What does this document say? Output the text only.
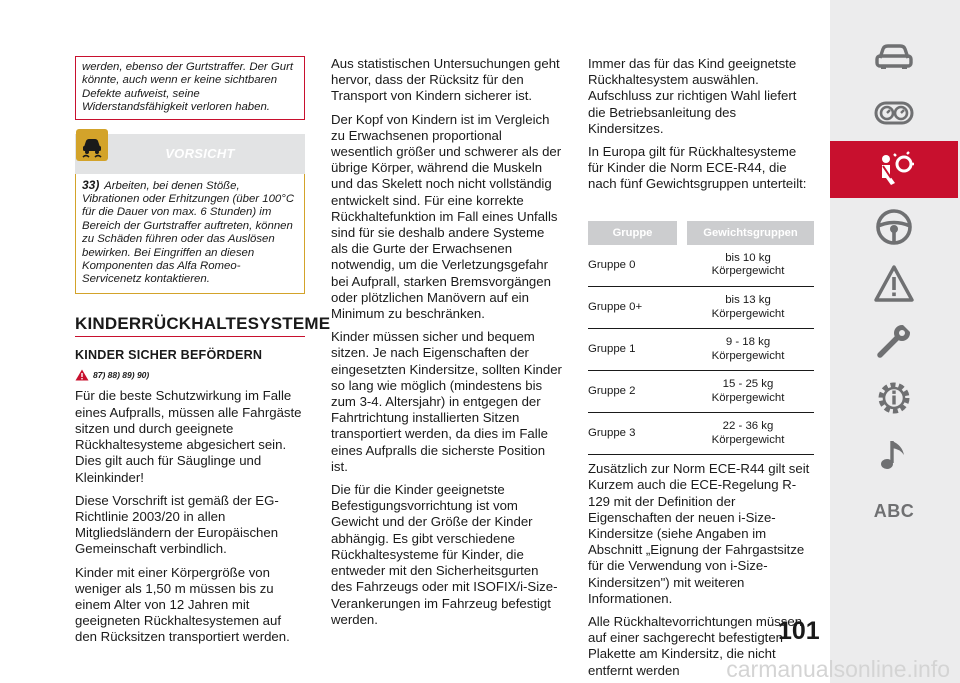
werden, ebenso der Gurtstraffer. Der Gurt könnte, auch wenn er keine sichtbaren Defekte aufweist, seine Widerstandsfähigkeit verloren haben.
VORSICHT
33) Arbeiten, bei denen Stöße, Vibrationen oder Erhitzungen (über 100°C für die Dauer von max. 6 Stunden) im Bereich der Gurtstraffer auftreten, können zu Schäden führen oder das Auslösen bewirken. Bei Eingriffen an diesen Komponenten das Alfa Romeo-Servicenetz kontaktieren.
KINDERRÜCKHALTESYSTEME
KINDER SICHER BEFÖRDERN
87) 88) 89) 90)

Für die beste Schutzwirkung im Falle eines Aufpralls, müssen alle Fahrgäste sitzen und durch geeignete Rückhaltesysteme abgesichert sein. Dies gilt auch für Säuglinge und Kleinkinder!

Diese Vorschrift ist gemäß der EG-Richtlinie 2003/20 in allen Mitgliedsländern der Europäischen Gemeinschaft verbindlich.

Kinder mit einer Körpergröße von weniger als 1,50 m müssen bis zu einem Alter von 12 Jahren mit geeigneten Rückhaltesystemen auf den Rücksitzen transportiert werden.

Aus statistischen Untersuchungen geht hervor, dass der Rücksitz für den Transport von Kindern sicherer ist.

Der Kopf von Kindern ist im Vergleich zu Erwachsenen proportional wesentlich größer und schwerer als der übrige Körper, während die Muskeln und das Skelett noch nicht vollständig entwickelt sind. Für eine korrekte Rückhaltefunktion im Fall eines Unfalls sind für sie deshalb andere Systeme als die Gurte der Erwachsenen notwendig, um die Verletzungsgefahr bei Aufprall, starken Bremsvorgängen oder plötzlichen Manövern auf ein Minimum zu beschränken.

Kinder müssen sicher und bequem sitzen. Je nach Eigenschaften der eingesetzten Kindersitze, sollten Kinder so lang wie möglich (mindestens bis zum 3-4. Altersjahr) in entgegen der Fahrtrichtung installierten Sitzen transportiert werden, da dies im Falle eines Aufpralls die sicherste Position ist.

Die für die Kinder geeignetste Befestigungsvorrichtung ist vom Gewicht und der Größe der Kinder abhängig. Es gibt verschiedene Rückhaltesysteme für Kinder, die entweder mit den Sicherheitsgurten des Fahrzeugs oder mit ISOFIX/i-Size-Verankerungen im Fahrzeug befestigt werden.

Immer das für das Kind geeignetste Rückhaltesystem auswählen. Aufschluss zur richtigen Wahl liefert die Betriebsanleitung des Kindersitzes.

In Europa gilt für Rückhaltesysteme für Kinder die Norm ECE-R44, die nach fünf Gewichtsgruppen unterteilt:

Gruppe	Gewichtsgruppen
Gruppe 0	bis 10 kg
Körpergewicht
Gruppe 0+	bis 13 kg
Körpergewicht
Gruppe 1	9 - 18 kg
Körpergewicht
Gruppe 2	15 - 25 kg
Körpergewicht
Gruppe 3	22 - 36 kg
Körpergewicht

Zusätzlich zur Norm ECE-R44 gilt seit Kurzem auch die ECE-Regelung R-129 mit der Definition der Eigenschaften der neuen i-Size-Kindersitze (siehe Angaben im Abschnitt „Eignung der Fahrgastsitze für die Verwendung von i-Size-Kindersitzen") mit weiteren Informationen.

Alle Rückhaltevorrichtungen müssen auf einer sachgerecht befestigten Plakette am Kindersitz, die nicht entfernt werden

ABC
101
carmanualsonline.info
